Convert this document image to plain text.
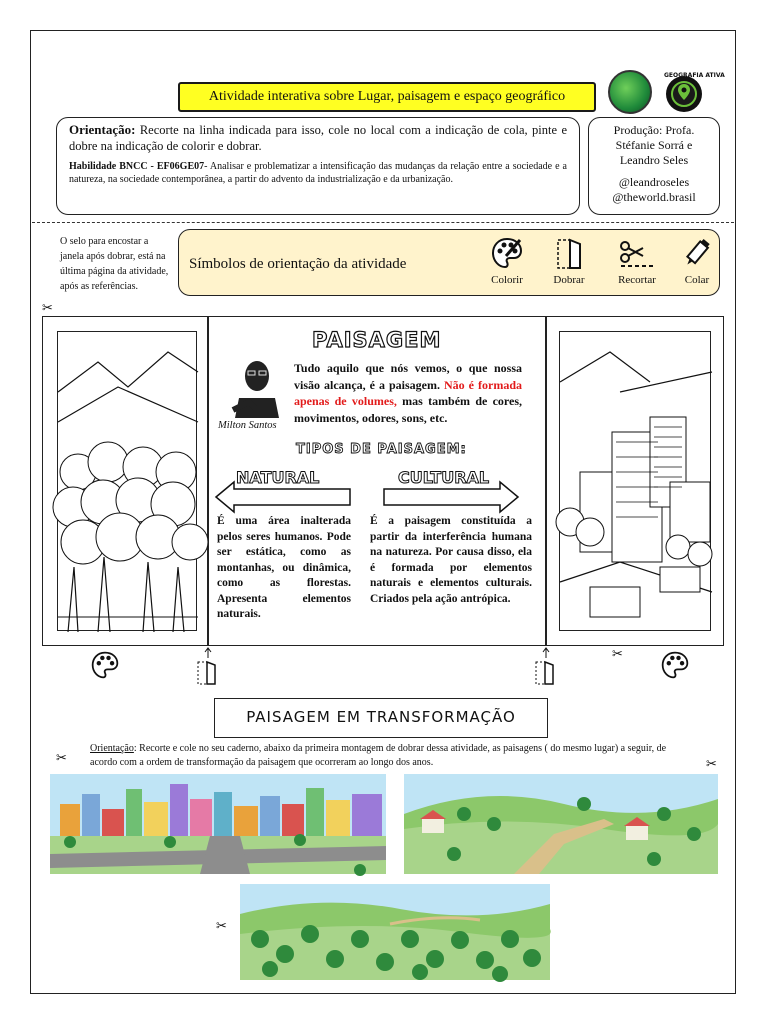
Atividade interativa sobre Lugar, paisagem e espaço geográfico
GEOGRAFIA ATIVA

Orientação: Recorte na linha indicada para isso, cole no local com a indicação de cola, pinte e dobre na indicação de colorir e dobrar.

Habilidade BNCC - EF06GE07- Analisar e problematizar a intensificação das mudanças da relação entre a sociedade e a natureza, na sociedade contemporânea, a partir do advento da industrialização e da urbanização.

Produção: Profa.
Stéfanie Sorrá e
Leandro Seles
@leandroseles
@theworld.brasil
O selo para encostar a janela após dobrar, está na última página da atividade, após as referências.
✂
Símbolos de orientação da atividade
Colorir	Dobrar	Recortar	Colar
PAISAGEM
Milton Santos
Tudo aquilo que nós vemos, o que nossa visão alcança, é a paisagem. Não é formada apenas de volumes, mas também de cores, movimentos, odores, sons, etc.
TIPOS DE PAISAGEM:
NATURAL	CULTURAL
É uma área inalterada pelos seres humanos. Pode ser estática, como as montanhas, ou dinâmica, como as florestas. Apresenta elementos naturais.
É a paisagem constituída a partir da interferência humana na natureza. Por causa disso, ela é formada por elementos naturais e elementos culturais. Criados pela ação antrópica.
✂
PAISAGEM EM TRANSFORMAÇÃO
✂
Orientação: Recorte e cole no seu caderno, abaixo da primeira montagem de dobrar dessa atividade, as paisagens ( do mesmo lugar) a seguir, de acordo com a ordem de transformação da paisagem que ocorreram ao longo dos anos.	✂
✂
